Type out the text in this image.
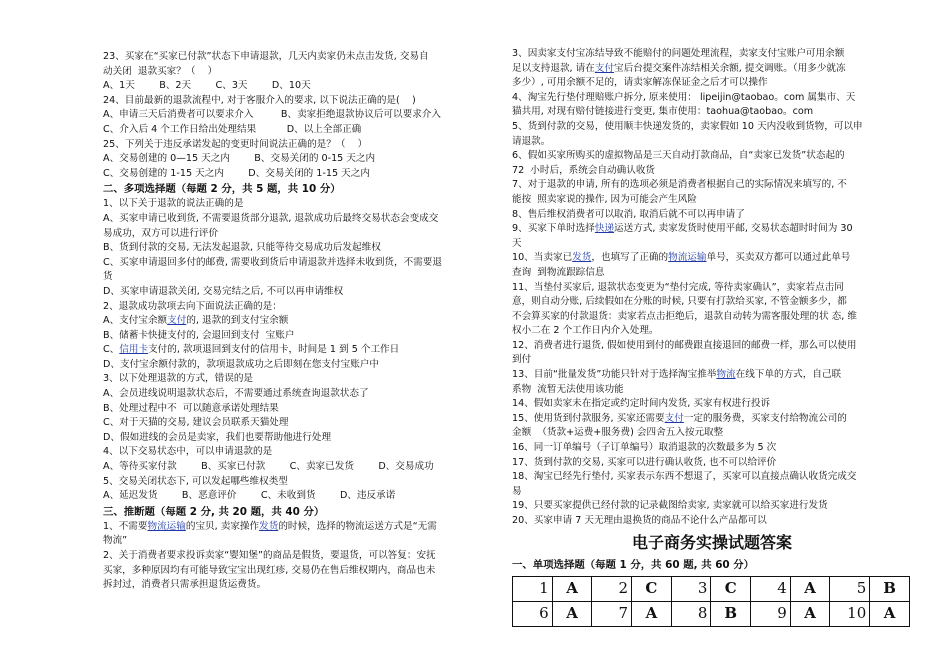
23、买家在“买家已付款”状态下申请退款，几天内卖家仍未点击发货, 交易自
动关闭  退款买家？（    ）
A、1天        B、2天        C、3天        D、10天
24、目前最新的退款流程中, 对于客服介入的要求, 以下说法正确的是(    )
A、申请三天后消费者可以要求介入         B、卖家拒绝退款协议后可以要求介入
C、介入后 4 个工作日给出处理结果          D、以上全部正确
25、下列关于违反承诺发起的变更时间说法正确的是？（    ）
A、交易创建的 0—15 天之内        B、交易关闭的 0-15 天之内
C、交易创建的 1-15 天之内        D、交易关闭的 1-15 天之内
二、多项选择题（每题 2 分，共 5 题，共 10 分）
1、以下关于退款的说法正确的是
A、买家申请已收到货, 不需要退货部分退款, 退款成功后最终交易状态会变成交
易成功，双方可以进行评价
B、货到付款的交易, 无法发起退款, 只能等待交易成功后发起维权
C、买家申请退回多付的邮费, 需要收到货后申请退款并选择未收到货，不需要退
货
D、买家申请退款关闭, 交易完结之后, 不可以再申请维权
2、退款成功款项去向下面说法正确的是：
A、支付宝余额支付的, 退款的到支付宝余额
B、储蓄卡快捷支付的, 会退回到支付  宝账户
C、信用卡支付的, 款项退回到支付的信用卡，时间是 1 到 5 个工作日
D、支付宝余额付款的，款项退款成功之后即刻在您支付宝账户中
3、以下处理退款的方式，错误的是
A、会员进线说明退款状态后，不需要通过系统查询退款状态了
B、处理过程中不  可以随意承诺处理结果
C、对于天猫的交易, 建议会员联系天猫处理
D、假如进线的会员是卖家，我们也要帮助他进行处理
4、以下交易状态中，可以申请退款的是
A、等待买家付款        B、买家已付款        C、卖家已发货        D、交易成功
5、交易关闭状态下, 可以发起哪些维权类型
A、延迟发货        B、恶意评价        C、未收到货        D、违反承诺
三、推断题（每题 2 分, 共 20 题，共 40 分）
1、不需要物流运输的宝贝, 卖家操作发货的时候，选择的物流运送方式是“无需
物流”
2、关于消费者要求投诉卖家“婴知堡”的商品是假货，要退货，可以答复：安抚
买家，多种原因均有可能导致宝宝出现红疹, 交易仍在售后维权期内，商品也未
拆封过，消费者只需承担退货运费货。
3、因卖家支付宝冻结导致不能赔付的问题处理流程，卖家支付宝账户可用余额
足以支持退款, 请在支付宝后台提交案件冻结相关余额, 提交调账。（用多少就冻
多少）, 可用余额不足的，请卖家解冻保证金之后才可以操作
4、淘宝先行垫付理赔账户拆分, 原来使用： lipeijin@taobao。com 属集市、天
猫共用, 对现有赔付链接进行变更, 集市使用：taohua@taobao。com
5、货到付款的交易，使用顺丰快递发货的，卖家假如 10 天内没收到货物，可以申
请退款。
6、假如买家所购买的虚拟物品是三天自动打款商品，自“卖家已发货”状态起的
72  小时后，系统会自动确认收货
7、对于退款的申请, 所有的选项必须是消费者根据自己的实际情况来填写的, 不
能按  照卖家说的操作, 因为可能会产生风险
8、售后维权消费者可以取消, 取消后就不可以再申请了
9、买家下单时选择快递运送方式, 卖家发货时使用平邮, 交易状态超时时间为 30
天
10、当卖家已发货，也填写了正确的物流运输单号，买卖双方都可以通过此单号
查询  到物流跟踪信息
11、当垫付买家后, 退款状态变更为“垫付完成, 等待卖家确认”，卖家若点击同
意，则自动分账, 后续假如在分账的时候, 只要有打款给买家, 不管金额多少，都
不会算买家的付款退货：卖家若点击拒绝后，退款自动转为需客服处理的状 态, 维
权小二在 2 个工作日内介入处理。
12、消费者进行退货, 假如使用到付的邮费跟直接退回的邮费一样，那么可以使用
到付
13、目前“批量发货”功能只针对于选择淘宝推举物流在线下单的方式，自己联
系物  流暂无法使用该功能
14、假如卖家未在指定或约定时间内发货, 买家有权进行投诉
15、使用货到付款服务, 买家还需要支付一定的服务费，买家支付给物流公司的
金额  （货款+运费+服务费) 会四舍五入按元取整
16、同一订单编号（子订单编号）取消退款的次数最多为 5 次
17、货到付款的交易, 买家可以进行确认收货, 也不可以给评价
18、淘宝已经先行垫付, 买家表示东西不想退了，买家可以直接点确认收货完成交
易
19、只要买家提供已经付款的记录截图给卖家, 卖家就可以给买家进行发货
20、买家申请 7 天无理由退换货的商品不论什么产品都可以
电子商务实操试题答案
一、单项选择题（每题 1 分，共 60 题, 共 60 分）
1	A	2	C	3	C	4	A	5	B
6	A	7	A	8	B	9	A	10	A
